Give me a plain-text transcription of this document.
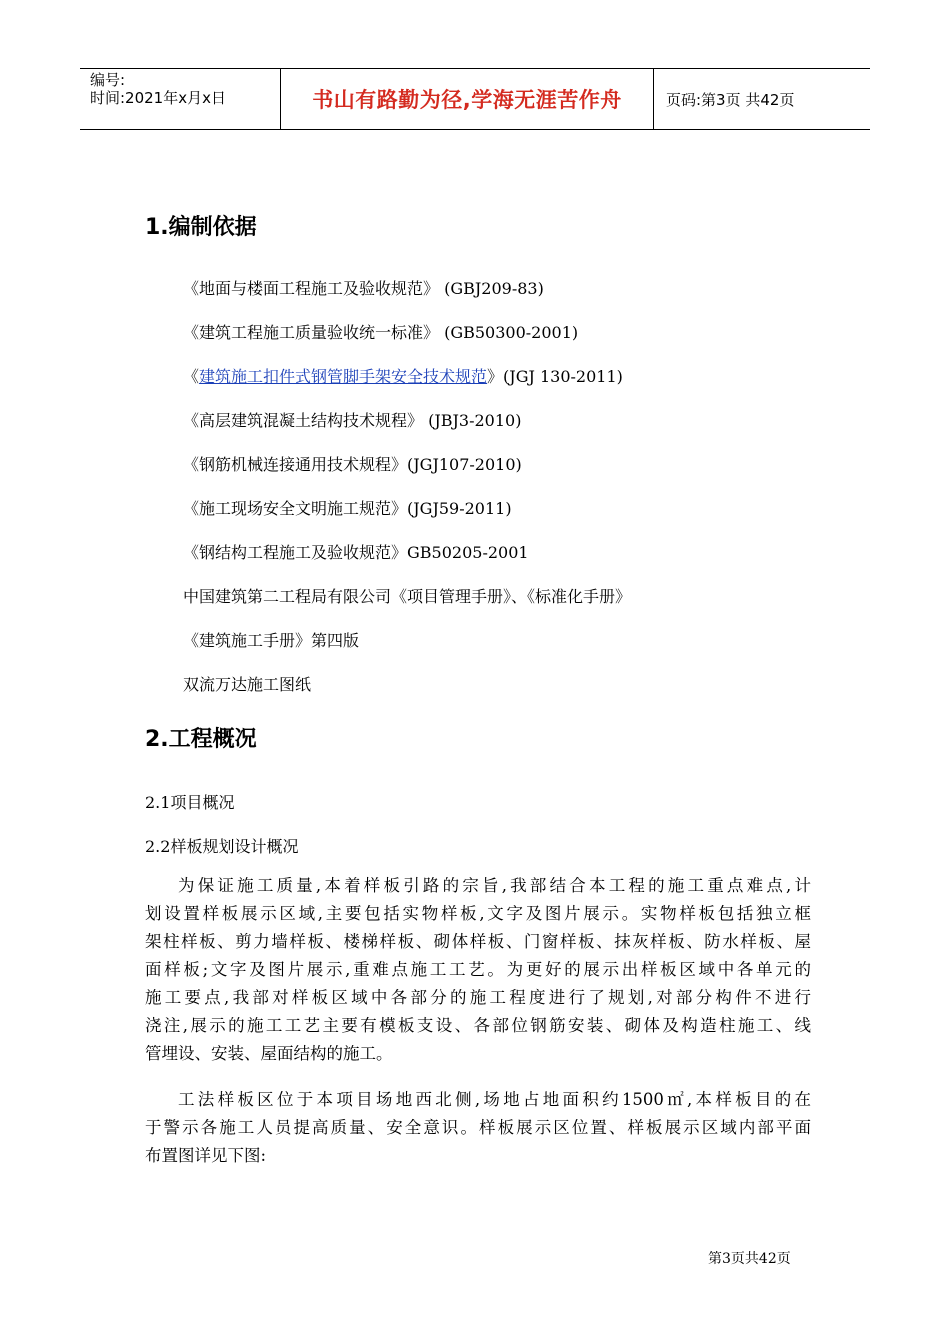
编号:
时间:2021年x月x日	书山有路勤为径,学海无涯苦作舟	页码:第3页 共42页
1.编制依据
《地面与楼面工程施工及验收规范》 (GBJ209-83)
《建筑工程施工质量验收统一标准》 (GB50300-2001)
《建筑施工扣件式钢管脚手架安全技术规范》(JGJ 130-2011)
《高层建筑混凝土结构技术规程》 (JBJ3-2010)
《钢筋机械连接通用技术规程》(JGJ107-2010)
《施工现场安全文明施工规范》(JGJ59-2011)
《钢结构工程施工及验收规范》GB50205-2001
中国建筑第二工程局有限公司《项目管理手册》、《标准化手册》
《建筑施工手册》第四版
双流万达施工图纸
2.工程概况
2.1项目概况
2.2样板规划设计概况
为保证施工质量,本着样板引路的宗旨,我部结合本工程的施工重点难点,计
划设置样板展示区域,主要包括实物样板,文字及图片展示。实物样板包括独立框
架柱样板、剪力墙样板、楼梯样板、砌体样板、门窗样板、抹灰样板、防水样板、屋
面样板;文字及图片展示,重难点施工工艺。为更好的展示出样板区域中各单元的
施工要点,我部对样板区域中各部分的施工程度进行了规划,对部分构件不进行
浇注,展示的施工工艺主要有模板支设、各部位钢筋安装、砌体及构造柱施工、线
管埋设、安装、屋面结构的施工。
工法样板区位于本项目场地西北侧,场地占地面积约1500㎡,本样板目的在
于警示各施工人员提高质量、安全意识。样板展示区位置、样板展示区域内部平面
布置图详见下图:
第3页共42页
